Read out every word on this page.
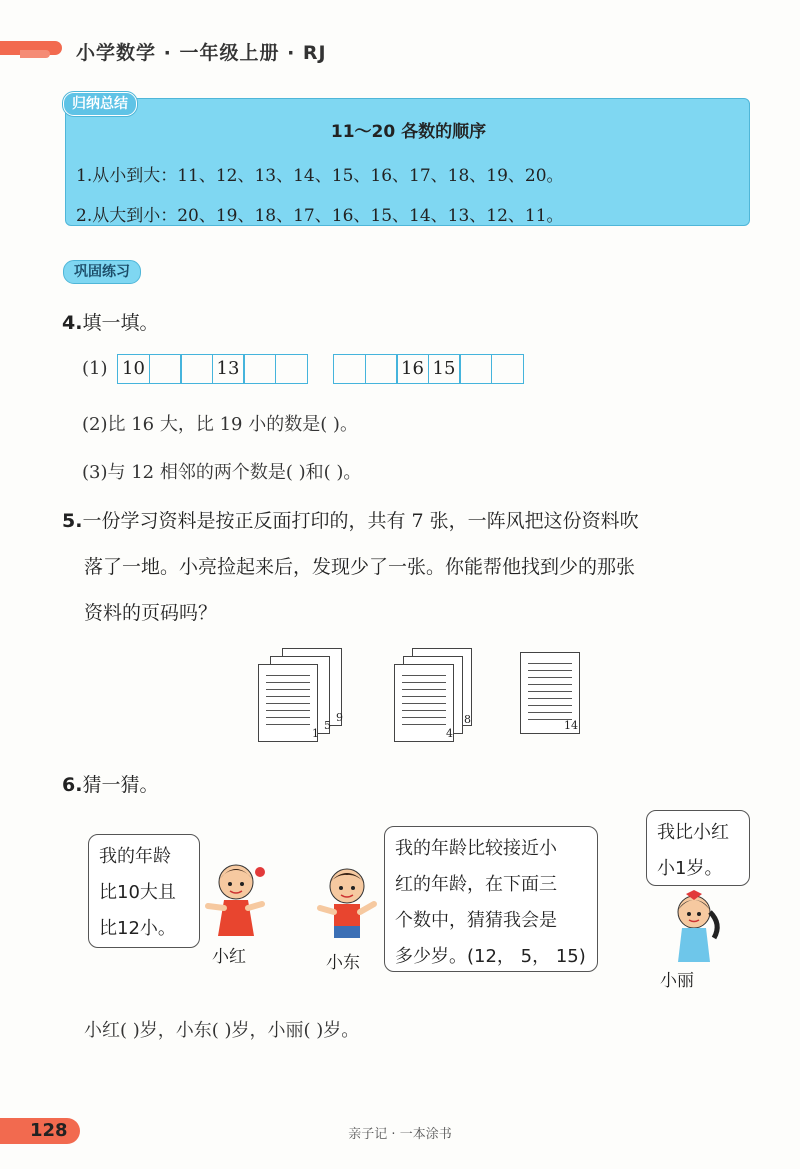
小学数学 · 一年级上册 · RJ
11～20 各数的顺序
1.从小到大：11、12、13、14、15、16、17、18、19、20。
2.从大到小：20、19、18、17、16、15、14、13、12、11。
归纳总结
巩固练习
4.填一填。
(1) 10	13	16 15
(2)比 16 大，比 19 小的数是( )。
(3)与 12 相邻的两个数是( )和( )。
5.一份学习资料是按正反面打印的，共有 7 张，一阵风把这份资料吹
落了一地。小亮捡起来后，发现少了一张。你能帮他找到少的那张
资料的页码吗？
1
5
9
4
8	14
6.猜一猜。
我的年龄
比10大且
比12小。
我的年龄比较接近小
红的年龄，在下面三
个数中，猜猜我会是
多少岁。(12， 5， 15)
我比小红
小1岁。
小红	小东
小丽
小红( )岁，小东( )岁，小丽( )岁。
128	亲子记 · 一本涂书
